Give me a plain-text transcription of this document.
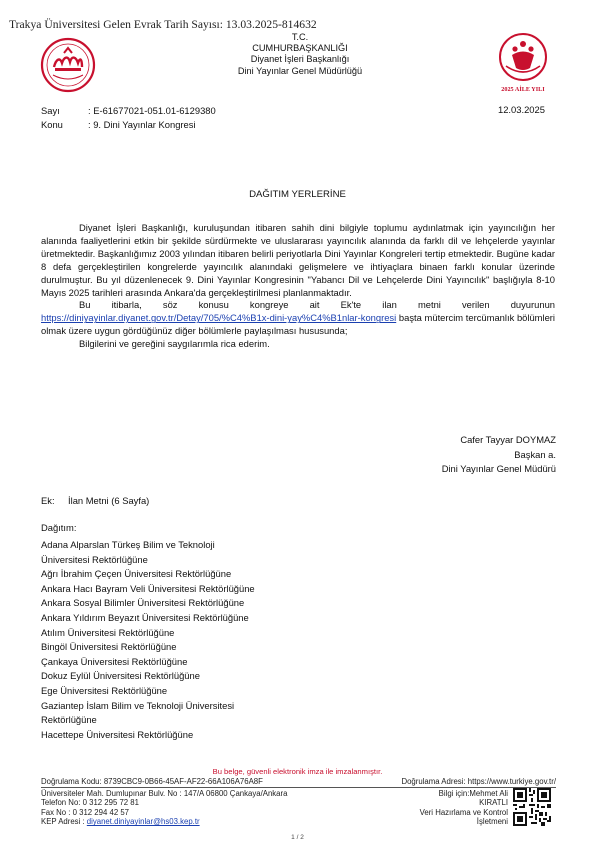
Trakya Üniversitesi Gelen Evrak Tarih Sayısı: 13.03.2025-814632
T.C.
CUMHURBAŞKANLIĞI
Diyanet İşleri Başkanlığı
Dini Yayınlar Genel Müdürlüğü
2025 AİLE YILI
Sayı	: E-61677021-051.01-6129380
Konu	: 9. Dini Yayınlar Kongresi
12.03.2025
DAĞITIM YERLERİNE

Diyanet İşleri Başkanlığı, kuruluşundan itibaren sahih dini bilgiyle toplumu aydınlatmak için yayıncılığın her alanında faaliyetlerini etkin bir şekilde sürdürmekte ve uluslararası yayıncılık alanında da farklı dil ve lehçelerde yayınlar üretmektedir. Başkanlığımız 2003 yılından itibaren belirli periyotlarla Dini Yayınlar Kongreleri tertip etmektedir. Bugüne kadar 8 defa gerçekleştirilen kongrelerde yayıncılık alanındaki gelişmelere ve ihtiyaçlara binaen farklı konular üzerinde durulmuştur. Bu yıl düzenlenecek 9. Dini Yayınlar Kongresinin "Yabancı Dil ve Lehçelerde Dini Yayıncılık" başlığıyla 8-10 Mayıs 2025 tarihleri arasında Ankara'da gerçekleştirilmesi planlanmaktadır.

Bu itibarla, söz konusu kongreye ait Ek'te ilan metni verilen duyurunun https://diniyayinlar.diyanet.gov.tr/Detay/705/%C4%B1x-dini-yay%C4%B1nlar-kongresi başta mütercim tercümanlık bölümleri olmak üzere uygun gördüğünüz diğer bölümlerle paylaşılması hususunda;

Bilgilerini ve gereğini saygılarımla rica ederim.

Cafer Tayyar DOYMAZ
Başkan a.
Dini Yayınlar Genel Müdürü
Ek: İlan Metni (6 Sayfa)
Dağıtım:
Adana Alparslan Türkeş Bilim ve Teknoloji
Üniversitesi Rektörlüğüne
Ağrı İbrahim Çeçen Üniversitesi Rektörlüğüne
Ankara Hacı Bayram Veli Üniversitesi Rektörlüğüne
Ankara Sosyal Bilimler Üniversitesi Rektörlüğüne
Ankara Yıldırım Beyazıt Üniversitesi Rektörlüğüne
Atılım Üniversitesi Rektörlüğüne
Bingöl Üniversitesi Rektörlüğüne
Çankaya Üniversitesi Rektörlüğüne
Dokuz Eylül Üniversitesi Rektörlüğüne
Ege Üniversitesi Rektörlüğüne
Gaziantep İslam Bilim ve Teknoloji Üniversitesi
Rektörlüğüne
Hacettepe Üniversitesi Rektörlüğüne
Bu belge, güvenli elektronik imza ile imzalanmıştır.
Doğrulama Kodu: 8739CBC9-0B66-45AF-AF22-66A106A76A8F	Doğrulama Adresi: https://www.turkiye.gov.tr/
Üniversiteler Mah. Dumlupınar Bulv. No : 147/A 06800 Çankaya/Ankara
Telefon No: 0 312 295 72 81
Fax No : 0 312 294 42 57
KEP Adresi : diyanet.diniyayinlar@hs03.kep.tr
Bilgi için:Mehmet Ali
KIRATLI
Veri Hazırlama ve Kontrol
İşletmeni
1 / 2
